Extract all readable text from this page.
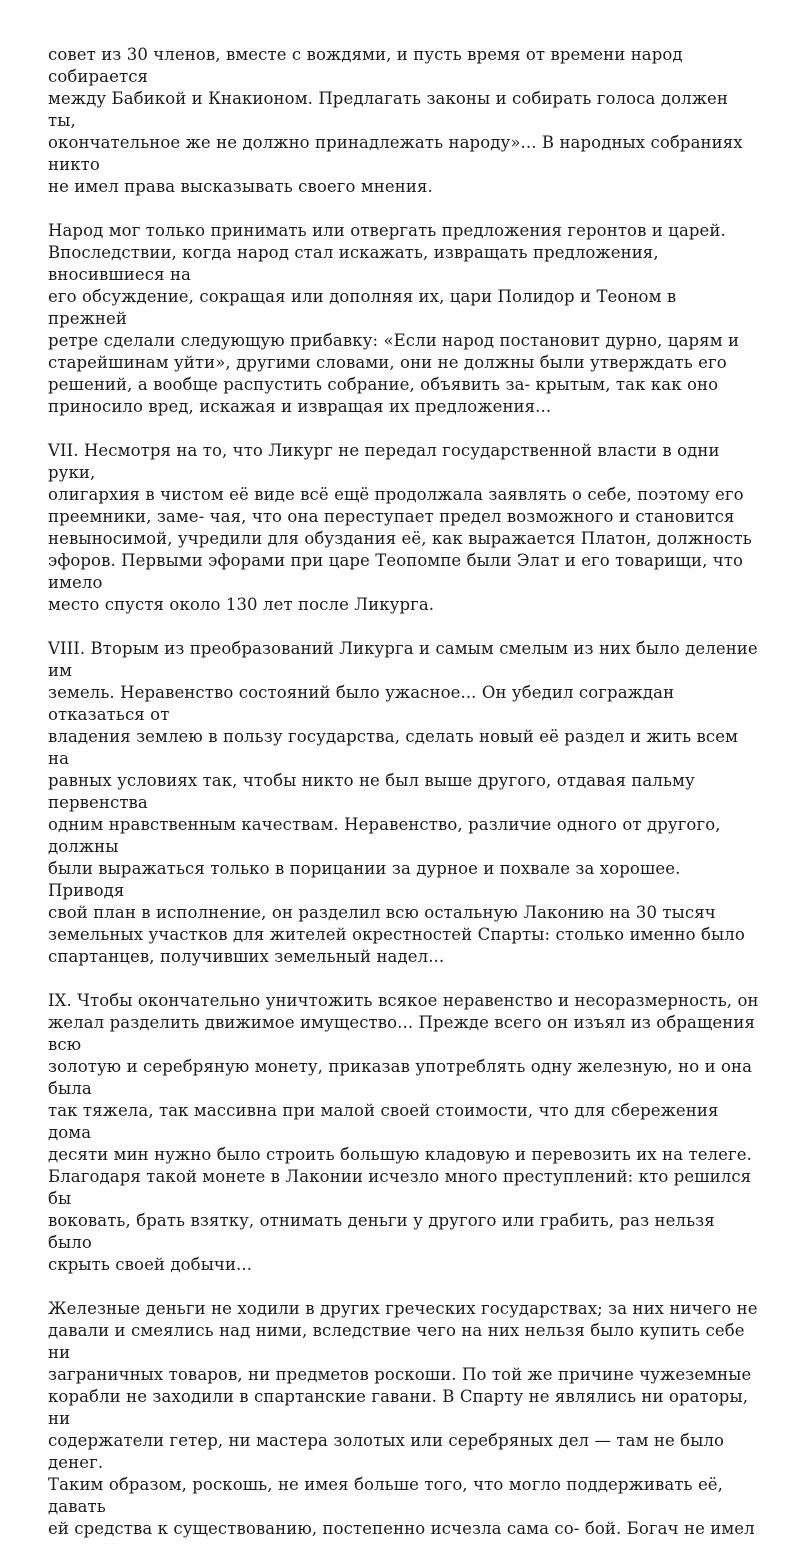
совет из 30 членов, вместе с вождями, и пусть время от времени народ собирается
между Бабикой и Кнакионом. Предлагать законы и собирать голоса должен ты,
окончательное же не должно принадлежать народу»... В народных собраниях никто
не имел права высказывать своего мнения.

Народ мог только принимать или отвергать предложения геронтов и царей.
Впоследствии, когда народ стал искажать, извращать предложения, вносившиеся на
его обсуждение, сокращая или дополняя их, цари Полидор и Теоном в прежней
ретре сделали следующую прибавку: «Если народ постановит дурно, царям и
старейшинам уйти», другими словами, они не должны были утверждать его
решений, а вообще распустить собрание, объявить за- крытым, так как оно
приносило вред, искажая и извращая их предложения...

VII. Несмотря на то, что Ликург не передал государственной власти в одни руки,
олигархия в чистом её виде всё ещё продолжала заявлять о себе, поэтому его
преемники, заме- чая, что она переступает предел возможного и становится
невыносимой, учредили для обуздания её, как выражается Платон, должность
эфоров. Первыми эфорами при царе Теопомпе были Элат и его товарищи, что имело
место спустя около 130 лет после Ликурга.

VIII. Вторым из преобразований Ликурга и самым смелым из них было деление им
земель. Неравенство состояний было ужасное... Он убедил сограждан отказаться от
владения землею в пользу государства, сделать новый её раздел и жить всем на
равных условиях так, чтобы никто не был выше другого, отдавая пальму первенства
одним нравственным качествам. Неравенство, различие одного от другого, должны
были выражаться только в порицании за дурное и похвале за хорошее. Приводя
свой план в исполнение, он разделил всю остальную Лаконию на 30 тысяч
земельных участков для жителей окрестностей Спарты: столько именно было
спартанцев, получивших земельный надел...

IX. Чтобы окончательно уничтожить всякое неравенство и несоразмерность, он
желал разделить движимое имущество... Прежде всего он изъял из обращения всю
золотую и серебряную монету, приказав употреблять одну железную, но и она была
так тяжела, так массивна при малой своей стоимости, что для сбережения дома
десяти мин нужно было строить большую кладовую и перевозить их на телеге.
Благодаря такой монете в Лаконии исчезло много преступлений: кто решился бы
воковать, брать взятку, отнимать деньги у другого или грабить, раз нельзя было
скрыть своей добычи...

Железные деньги не ходили в других греческих государствах; за них ничего не
давали и смеялись над ними, вследствие чего на них нельзя было купить себе ни
заграничных товаров, ни предметов роскоши. По той же причине чужеземные
корабли не заходили в спартанские гавани. В Спарту не являлись ни ораторы, ни
содержатели гетер, ни мастера золотых или серебряных дел — там не было денег.
Таким образом, роскошь, не имея больше того, что могло поддерживать её, давать
ей средства к существованию, постепенно исчезла сама со- бой. Богач не имел
